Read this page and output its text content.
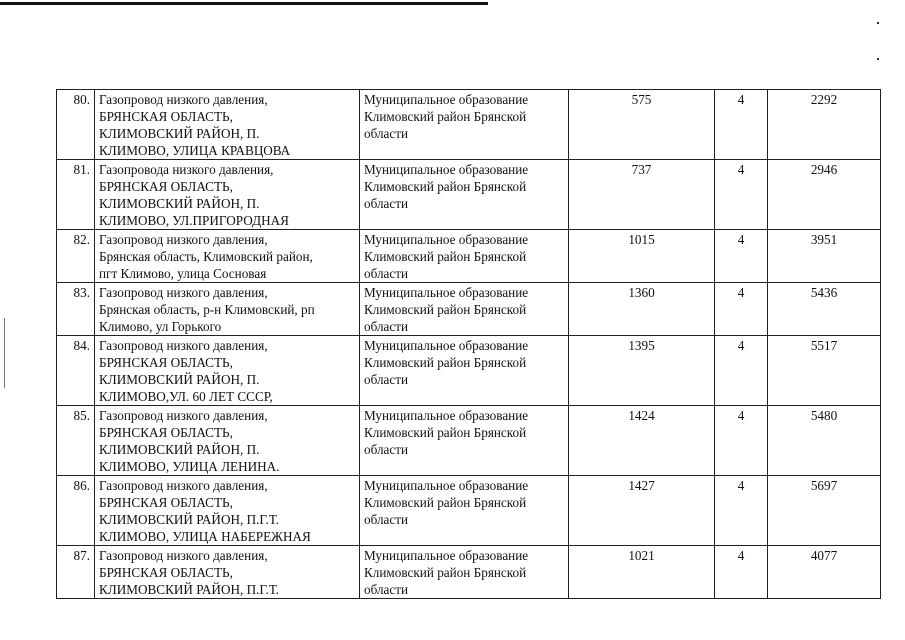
80.	Газопровод низкого давления,
БРЯНСКАЯ ОБЛАСТЬ,
КЛИМОВСКИЙ РАЙОН, П.
КЛИМОВО, УЛИЦА КРАВЦОВА	Муниципальное образование
Климовский район Брянской
области	575	4	2292
81.	Газопровода низкого давления,
БРЯНСКАЯ ОБЛАСТЬ,
КЛИМОВСКИЙ РАЙОН, П.
КЛИМОВО, УЛ.ПРИГОРОДНАЯ	Муниципальное образование
Климовский район Брянской
области	737	4	2946
82.	Газопровод низкого давления,
Брянская область, Климовский район,
пгт Климово, улица Сосновая	Муниципальное образование
Климовский район Брянской
области	1015	4	3951
83.	Газопровод низкого давления,
Брянская область, р-н Климовский, рп
Климово, ул Горького	Муниципальное образование
Климовский район Брянской
области	1360	4	5436
84.	Газопровод низкого давления,
БРЯНСКАЯ ОБЛАСТЬ,
КЛИМОВСКИЙ РАЙОН, П.
КЛИМОВО,УЛ. 60 ЛЕТ СССР,	Муниципальное образование
Климовский район Брянской
области	1395	4	5517
85.	Газопровод низкого давления,
БРЯНСКАЯ ОБЛАСТЬ,
КЛИМОВСКИЙ РАЙОН, П.
КЛИМОВО, УЛИЦА ЛЕНИНА.	Муниципальное образование
Климовский район Брянской
области	1424	4	5480
86.	Газопровод низкого давления,
БРЯНСКАЯ ОБЛАСТЬ,
КЛИМОВСКИЙ РАЙОН, П.Г.Т.
КЛИМОВО, УЛИЦА НАБЕРЕЖНАЯ	Муниципальное образование
Климовский район Брянской
области	1427	4	5697
87.	Газопровод низкого давления,
БРЯНСКАЯ ОБЛАСТЬ,
КЛИМОВСКИЙ РАЙОН, П.Г.Т.	Муниципальное образование
Климовский район Брянской
области	1021	4	4077
